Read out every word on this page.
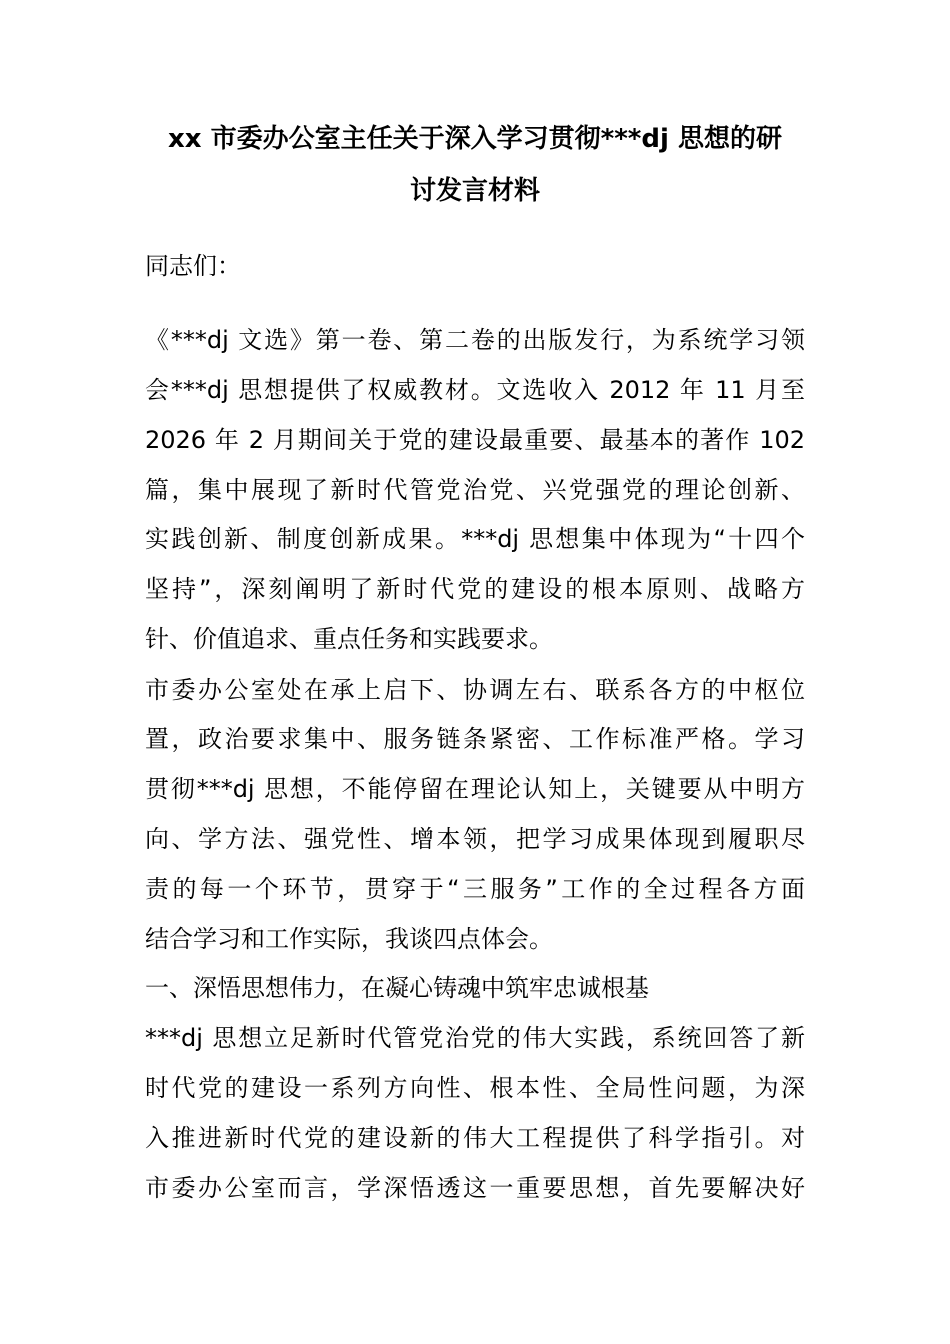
xx 市委办公室主任关于深入学习贯彻***dj 思想的研
讨发言材料
同志们：
《***dj 文选》第一卷、第二卷的出版发行，为系统学习领
会***dj 思想提供了权威教材。文选收入 2012 年 11 月至
2026 年 2 月期间关于党的建设最重要、最基本的著作 102
篇，集中展现了新时代管党治党、兴党强党的理论创新、
实践创新、制度创新成果。***dj 思想集中体现为“十四个
坚持”，深刻阐明了新时代党的建设的根本原则、战略方
针、价值追求、重点任务和实践要求。
市委办公室处在承上启下、协调左右、联系各方的中枢位
置，政治要求集中、服务链条紧密、工作标准严格。学习
贯彻***dj 思想，不能停留在理论认知上，关键要从中明方
向、学方法、强党性、增本领，把学习成果体现到履职尽
责的每一个环节，贯穿于“三服务”工作的全过程各方面
结合学习和工作实际，我谈四点体会。
一、深悟思想伟力，在凝心铸魂中筑牢忠诚根基
***dj 思想立足新时代管党治党的伟大实践，系统回答了新
时代党的建设一系列方向性、根本性、全局性问题，为深
入推进新时代党的建设新的伟大工程提供了科学指引。对
市委办公室而言，学深悟透这一重要思想，首先要解决好
